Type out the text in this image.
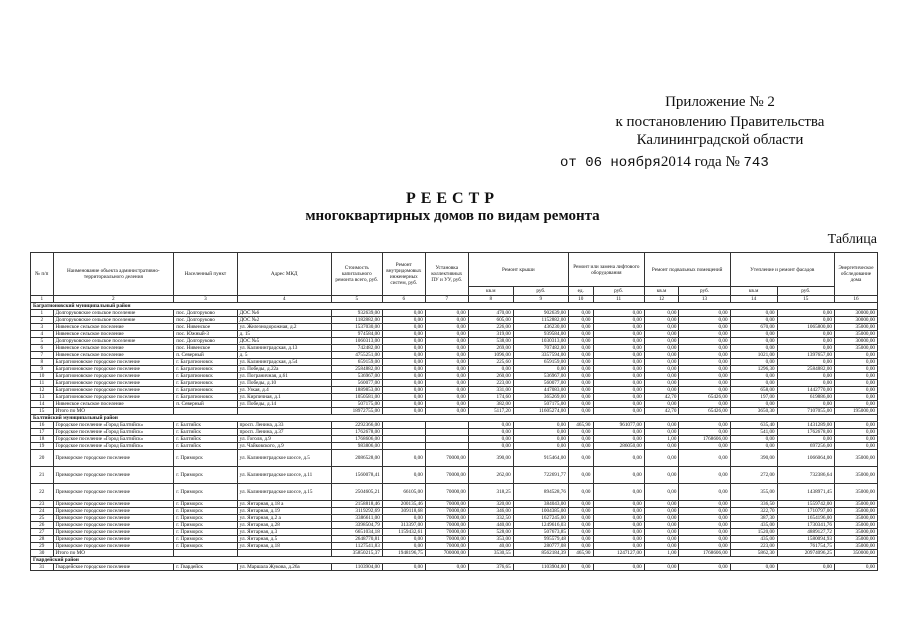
Приложение № 2
к постановлению Правительства
Калининградской области
от 06 ноября2014 года № 743
РЕЕСТР
многоквартирных домов по видам ремонта
Таблица
№ п/п	Наименование объекта административно-территориального деления	Населенный пункт	Адрес МКД	Стоимость капитального ремонта всего, руб.	Ремонт внутридомовых инженерных систем, руб.	Установка коллективных ПУ и УУ, руб.	Ремонт крыши		Ремонт или замена лифтового оборудования		Ремонт подвальных помещений		Утепление и ремонт фасадов		Энергетическое обследование дома
							кв.м	руб.	ед.	руб.	кв.м	руб.	кв.м	руб.	
1	2	3	4	5	6	7	8	9	10	11	12	13	14	15	16
Багратионовский муниципальный район															
1	Долгоруковское сельское поселение	пос. Долгоруково	ДОС №6	932639,00	0,00	0,00	470,00	902639,00	0,00	0,00	0,00	0,00	0,00	0,00	30000,00
2	Долгоруковское сельское поселение	пос. Долгоруково	ДОС №2	1182882,00	0,00	0,00	605,00	1152882,00	0,00	0,00	0,00	0,00	0,00	0,00	30000,00
3	Нивенское сельское поселение	пос. Нивенское	ул. Железнодорожная, д.2	1537030,00	0,00	0,00	226,00	436230,00	0,00	0,00	0,00	0,00	670,00	1065800,00	35000,00
4	Нивенское сельское поселение	пос. Южный-3	д. 15	974584,00	0,00	0,00	319,00	939584,00	0,00	0,00	0,00	0,00	0,00	0,00	35000,00
5	Долгоруковское сельское поселение	пос. Долгоруково	ДОС №5	1060313,00	0,00	0,00	538,00	1030313,00	0,00	0,00	0,00	0,00	0,00	0,00	30000,00
6	Нивенское сельское поселение	пос. Нивенское	ул. Калининградская, д.13	742482,00	0,00	0,00	269,00	707482,00	0,00	0,00	0,00	0,00	0,00	0,00	35000,00
7	Нивенское сельское поселение	п. Северный	д. 5	4755251,00	0,00	0,00	1096,00	3357594,00	0,00	0,00	0,00	0,00	1021,00	1397657,00	0,00
8	Багратионовское городское поселение	г. Багратионовск	ул. Калининградская, д.54	659159,00	0,00	0,00	225,60	659159,00	0,00	0,00	0,00	0,00	0,00	0,00	0,00
9	Багратионовское городское поселение	г. Багратионовск	ул. Победы, д.22а	2584882,00	0,00	0,00	0,00	0,00	0,00	0,00	0,00	0,00	1296,30	2584882,00	0,00
10	Багратионовское городское поселение	г. Багратионовск	ул. Пограничная, д.61	536967,00	0,00	0,00	260,00	536967,00	0,00	0,00	0,00	0,00	0,00	0,00	0,00
11	Багратионовское городское поселение	г. Багратионовск	ул. Победы, д.10	560077,00	0,00	0,00	223,00	560077,00	0,00	0,00	0,00	0,00	0,00	0,00	0,00
12	Багратионовское городское поселение	г. Багратионовск	ул. Узкая, д.4	1889853,00	0,00	0,00	331,00	447083,00	0,00	0,00	0,00	0,00	658,00	1442770,00	0,00
13	Багратионовское городское поселение	г. Багратионовск	ул. Кирпичная, д.1	1050581,00	0,00	0,00	174,60	365269,00	0,00	0,00	42,70	65426,00	197,00	619886,00	0,00
14	Нивенское сельское поселение	п. Северный	ул. Победы, д.14	507175,00	0,00	0,00	382,00	507175,00	0,00	0,00	0,00	0,00	0,00	0,00	0,00
15	Итого по МО			18972755,00	0,00	0,00	5117,20	11605274,00	0,00	0,00	42,70	65426,00	3650,30	7107055,00	195000,00
Балтийский муниципальный район															
16	Городское поселение «Город Балтийск»	г. Балтийск	просп. Ленина, д.33	2292366,00			0,00	0,00	465,90	961077,00	0,00	0,00	635,40	1431289,00	0,00
17	Городское поселение «Город Балтийск»	г. Балтийск	просп. Ленина, д.37	1762678,00			0,00	0,00	0,00	0,00	0,00	0,00	541,00	1762678,00	0,00
18	Городское поселение «Город Балтийск»	г. Балтийск	ул. Гоголя, д.9	1768606,00			0,00	0,00	0,00	0,00	1,00	1768606,00	0,00	0,00	0,00
19	Городское поселение «Город Балтийск»	г. Балтийск	ул. Чайковского, д.9	983806,00			0,00	0,00	0,00	286050,00	0,00	0,00	0,00	697256,00	0,00
20	Приморское городское поселение	г. Приморск	ул. Калининградское шоссе, д.5	2086528,00	0,00	70000,00	390,00	915464,00	0,00	0,00	0,00	0,00	390,00	1066064,00	35000,00
21	Приморское городское поселение	г. Приморск	ул. Калининградское шоссе, д.11	1560078,41	0,00	70000,00	262,00	722691,77	0,00	0,00	0,00	0,00	272,00	732386,64	35000,00
22	Приморское городское поселение	г. Приморск	ул. Калининградское шоссе, д.15	2504605,21	66105,00	70000,00	318,25	894528,76	0,00	0,00	0,00	0,00	355,00	1438971,45	35000,00
23	Приморское городское поселение	г. Приморск	ул. Янтарная, д.18 а	2158818,46	200135,46	70000,00	320,00	384043,00	0,00	0,00	0,00	0,00	336,50	1559742,00	35000,00
24	Приморское городское поселение	г. Приморск	ул. Янтарная, д.19	3119292,69	309118,68	70000,00	346,00	1004385,00	0,00	0,00	0,00	0,00	322,70	1710797,00	35000,00
25	Приморское городское поселение	г. Приморск	ул. Янтарная, д.2 а	3386611,00	0,00	70000,00	332,50	1627245,00	0,00	0,00	0,00	0,00	387,30	1654196,00	35000,00
26	Приморское городское поселение	г. Приморск	ул. Янтарная, д.28	3398504,79	313397,00	70000,00	440,00	1249616,03	0,00	0,00	0,00	0,00	435,00	1730341,76	35000,00
27	Приморское городское поселение	г. Приморск	ул. Янтарная, д.3	6651034,18	1159432,61	70000,00	528,00	507673,85	0,00	0,00	0,00	0,00	1520,00	4889127,72	35000,00
28	Приморское городское поселение	г. Приморск	ул. Янтарная, д.5	2648770,81	0,00	70000,00	353,00	995579,48	0,00	0,00	0,00	0,00	435,00	1580094,93	35000,00
29	Приморское городское поселение	г. Приморск	ул. Янтарная, д.18	1127541,83	0,00	70000,00	40,00	280777,08	0,00	0,00	0,00	0,00	223,00	761754,75	35000,00
30	Итого по МО			35850215,37	1948196,75	700000,00	3530,55	8562184,39	465,90	1247127,00	1,00	1768606,00	5862,30	20974096,25	350000,00
Гвардейский район															
31	Гвардейское городское поселение	г. Гвардейск	ул. Маршала Жукова, д.26а	1103904,00	0,00	0,00	376,65	1103904,00	0,00	0,00	0,00	0,00	0,00	0,00	0,00
